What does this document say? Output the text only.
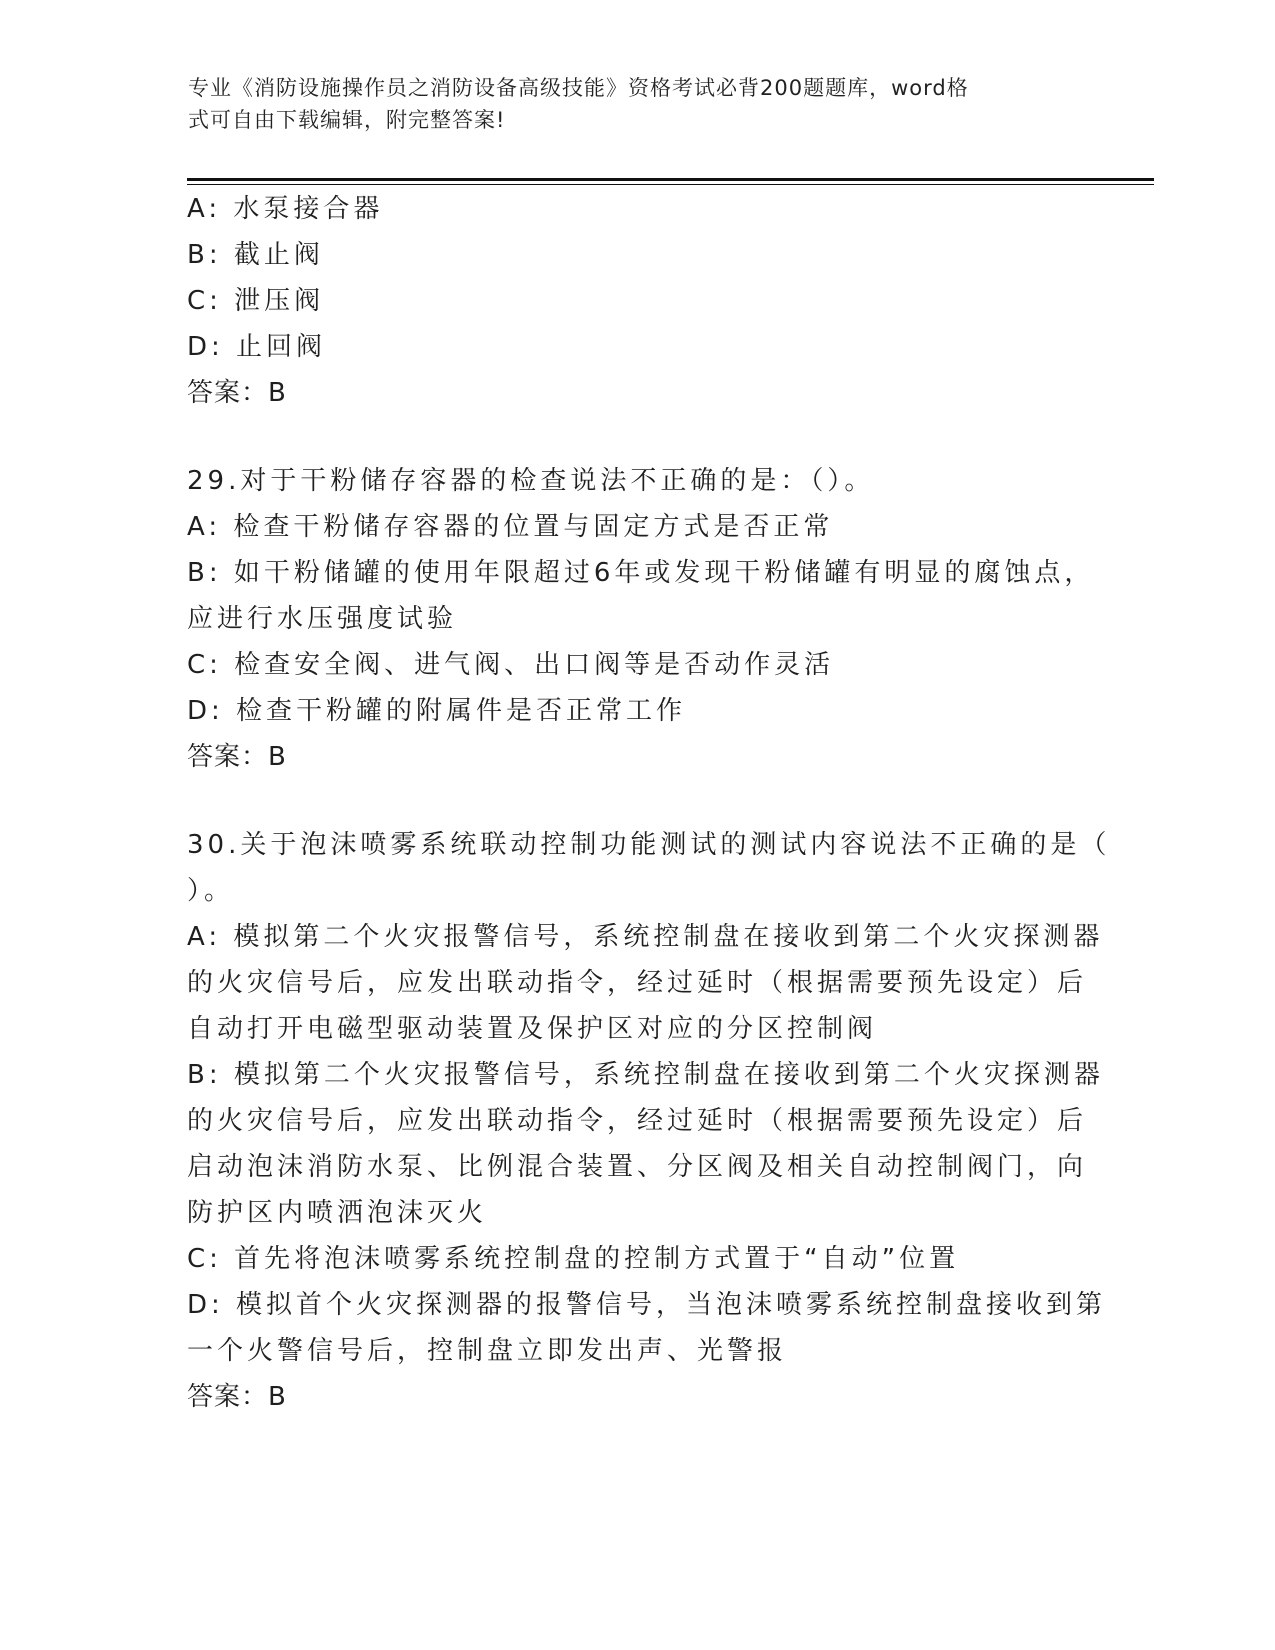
专业《消防设施操作员之消防设备高级技能》资格考试必背200题题库，word格
式可自由下载编辑，附完整答案!
A: 水泵接合器
B: 截止阀
C: 泄压阀
D: 止回阀
答案：B
29.对于干粉储存容器的检查说法不正确的是：（）。
A: 检查干粉储存容器的位置与固定方式是否正常
B: 如干粉储罐的使用年限超过6年或发现干粉储罐有明显的腐蚀点，
应进行水压强度试验
C: 检查安全阀、进气阀、出口阀等是否动作灵活
D: 检查干粉罐的附属件是否正常工作
答案：B
30.关于泡沫喷雾系统联动控制功能测试的测试内容说法不正确的是（
）。
A: 模拟第二个火灾报警信号，系统控制盘在接收到第二个火灾探测器
的火灾信号后，应发出联动指令，经过延时（根据需要预先设定）后
自动打开电磁型驱动装置及保护区对应的分区控制阀
B: 模拟第二个火灾报警信号，系统控制盘在接收到第二个火灾探测器
的火灾信号后，应发出联动指令，经过延时（根据需要预先设定）后
启动泡沫消防水泵、比例混合装置、分区阀及相关自动控制阀门，向
防护区内喷洒泡沫灭火
C: 首先将泡沫喷雾系统控制盘的控制方式置于“自动”位置
D: 模拟首个火灾探测器的报警信号，当泡沫喷雾系统控制盘接收到第
一个火警信号后，控制盘立即发出声、光警报
答案：B
